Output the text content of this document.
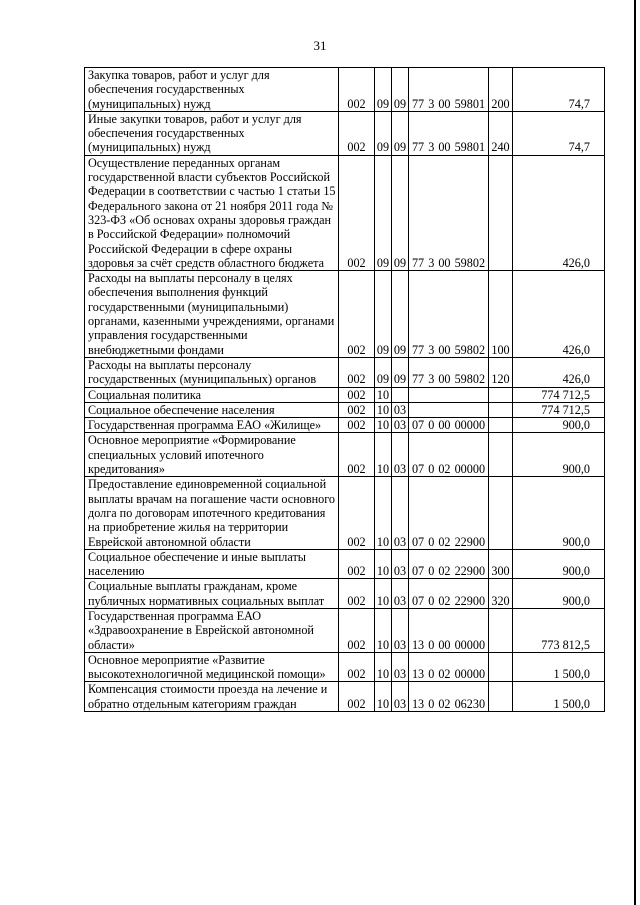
31
Закупка товаров, работ и услуг для обеспечения государственных (муниципальных) нужд	002	09	09	77 3 00 59801	200	74,7
Иные закупки товаров, работ и услуг для обеспечения государственных (муниципальных) нужд	002	09	09	77 3 00 59801	240	74,7
Осуществление переданных органам государственной власти субъектов Российской Федерации в соответствии с частью 1 статьи 15 Федерального закона от 21 ноября 2011 года № 323-ФЗ «Об основах охраны здоровья граждан в Российской Федерации» полномочий Российской Федерации в сфере охраны здоровья за счёт средств областного бюджета	002	09	09	77 3 00 59802		426,0
Расходы на выплаты персоналу в целях обеспечения выполнения функций государственными (муниципальными) органами, казенными учреждениями, органами управления государственными внебюджетными фондами	002	09	09	77 3 00 59802	100	426,0
Расходы на выплаты персоналу государственных (муниципальных) органов	002	09	09	77 3 00 59802	120	426,0
Социальная политика	002	10				774 712,5
Социальное обеспечение населения	002	10	03			774 712,5
Государственная программа ЕАО «Жилище»	002	10	03	07 0 00 00000		900,0
Основное мероприятие «Формирование специальных условий ипотечного кредитования»	002	10	03	07 0 02 00000		900,0
Предоставление единовременной социальной выплаты врачам на погашение части основного долга по договорам ипотечного кредитования на приобретение жилья на территории Еврейской автономной области	002	10	03	07 0 02 22900		900,0
Социальное обеспечение и иные выплаты населению	002	10	03	07 0 02 22900	300	900,0
Социальные выплаты гражданам, кроме публичных нормативных социальных выплат	002	10	03	07 0 02 22900	320	900,0
Государственная программа ЕАО «Здравоохранение в Еврейской автономной области»	002	10	03	13 0 00 00000		773 812,5
Основное мероприятие «Развитие высокотехнологичной медицинской помощи»	002	10	03	13 0 02 00000		1 500,0
Компенсация стоимости проезда на лечение и обратно отдельным категориям граждан	002	10	03	13 0 02 06230		1 500,0
